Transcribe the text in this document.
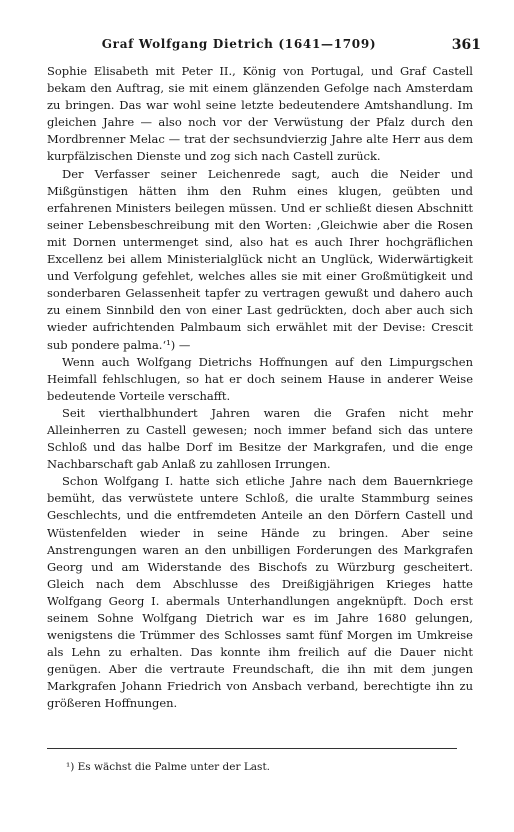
Graf Wolfgang Dietrich (1641—1709)	361

Sophie Elisabeth mit Peter II., König von Portugal, und Graf Castell bekam den Auftrag, sie mit einem glänzenden Gefolge nach Amsterdam zu bringen. Das war wohl seine letzte bedeutendere Amtshandlung. Im gleichen Jahre — also noch vor der Verwüstung der Pfalz durch den Mordbrenner Melac — trat der sechsundvierzig Jahre alte Herr aus dem kurpfälzischen Dienste und zog sich nach Castell zurück.

Der Verfasser seiner Leichenrede sagt, auch die Neider und Mißgünstigen hätten ihm den Ruhm eines klugen, geübten und erfahrenen Ministers beilegen müssen. Und er schließt diesen Abschnitt seiner Lebensbeschreibung mit den Worten: ‚Gleichwie aber die Rosen mit Dornen untermenget sind, also hat es auch Ihrer hochgräflichen Excellenz bei allem Ministerialglück nicht an Unglück, Widerwärtigkeit und Verfolgung gefehlet, welches alles sie mit einer Großmütigkeit und sonderbaren Gelassenheit tapfer zu vertragen gewußt und dahero auch zu einem Sinnbild den von einer Last gedrückten, doch aber auch sich wieder aufrichtenden Palmbaum sich erwählet mit der Devise: Crescit sub pondere palma.‘¹) —

Wenn auch Wolfgang Dietrichs Hoffnungen auf den Limpurgschen Heimfall fehlschlugen, so hat er doch seinem Hause in anderer Weise bedeutende Vorteile verschafft.

Seit vierthalbhundert Jahren waren die Grafen nicht mehr Alleinherren zu Castell gewesen; noch immer befand sich das untere Schloß und das halbe Dorf im Besitze der Markgrafen, und die enge Nachbarschaft gab Anlaß zu zahllosen Irrungen.

Schon Wolfgang I. hatte sich etliche Jahre nach dem Bauernkriege bemüht, das verwüstete untere Schloß, die uralte Stammburg seines Geschlechts, und die entfremdeten Anteile an den Dörfern Castell und Wüstenfelden wieder in seine Hände zu bringen. Aber seine Anstrengungen waren an den unbilligen Forderungen des Markgrafen Georg und am Widerstande des Bischofs zu Würzburg gescheitert. Gleich nach dem Abschlusse des Dreißigjährigen Krieges hatte Wolfgang Georg I. abermals Unterhandlungen angeknüpft. Doch erst seinem Sohne Wolfgang Dietrich war es im Jahre 1680 gelungen, wenigstens die Trümmer des Schlosses samt fünf Morgen im Umkreise als Lehn zu erhalten. Das konnte ihm freilich auf die Dauer nicht genügen. Aber die vertraute Freundschaft, die ihn mit dem jungen Markgrafen Johann Friedrich von Ansbach verband, berechtigte ihn zu größeren Hoffnungen.

¹) Es wächst die Palme unter der Last.
